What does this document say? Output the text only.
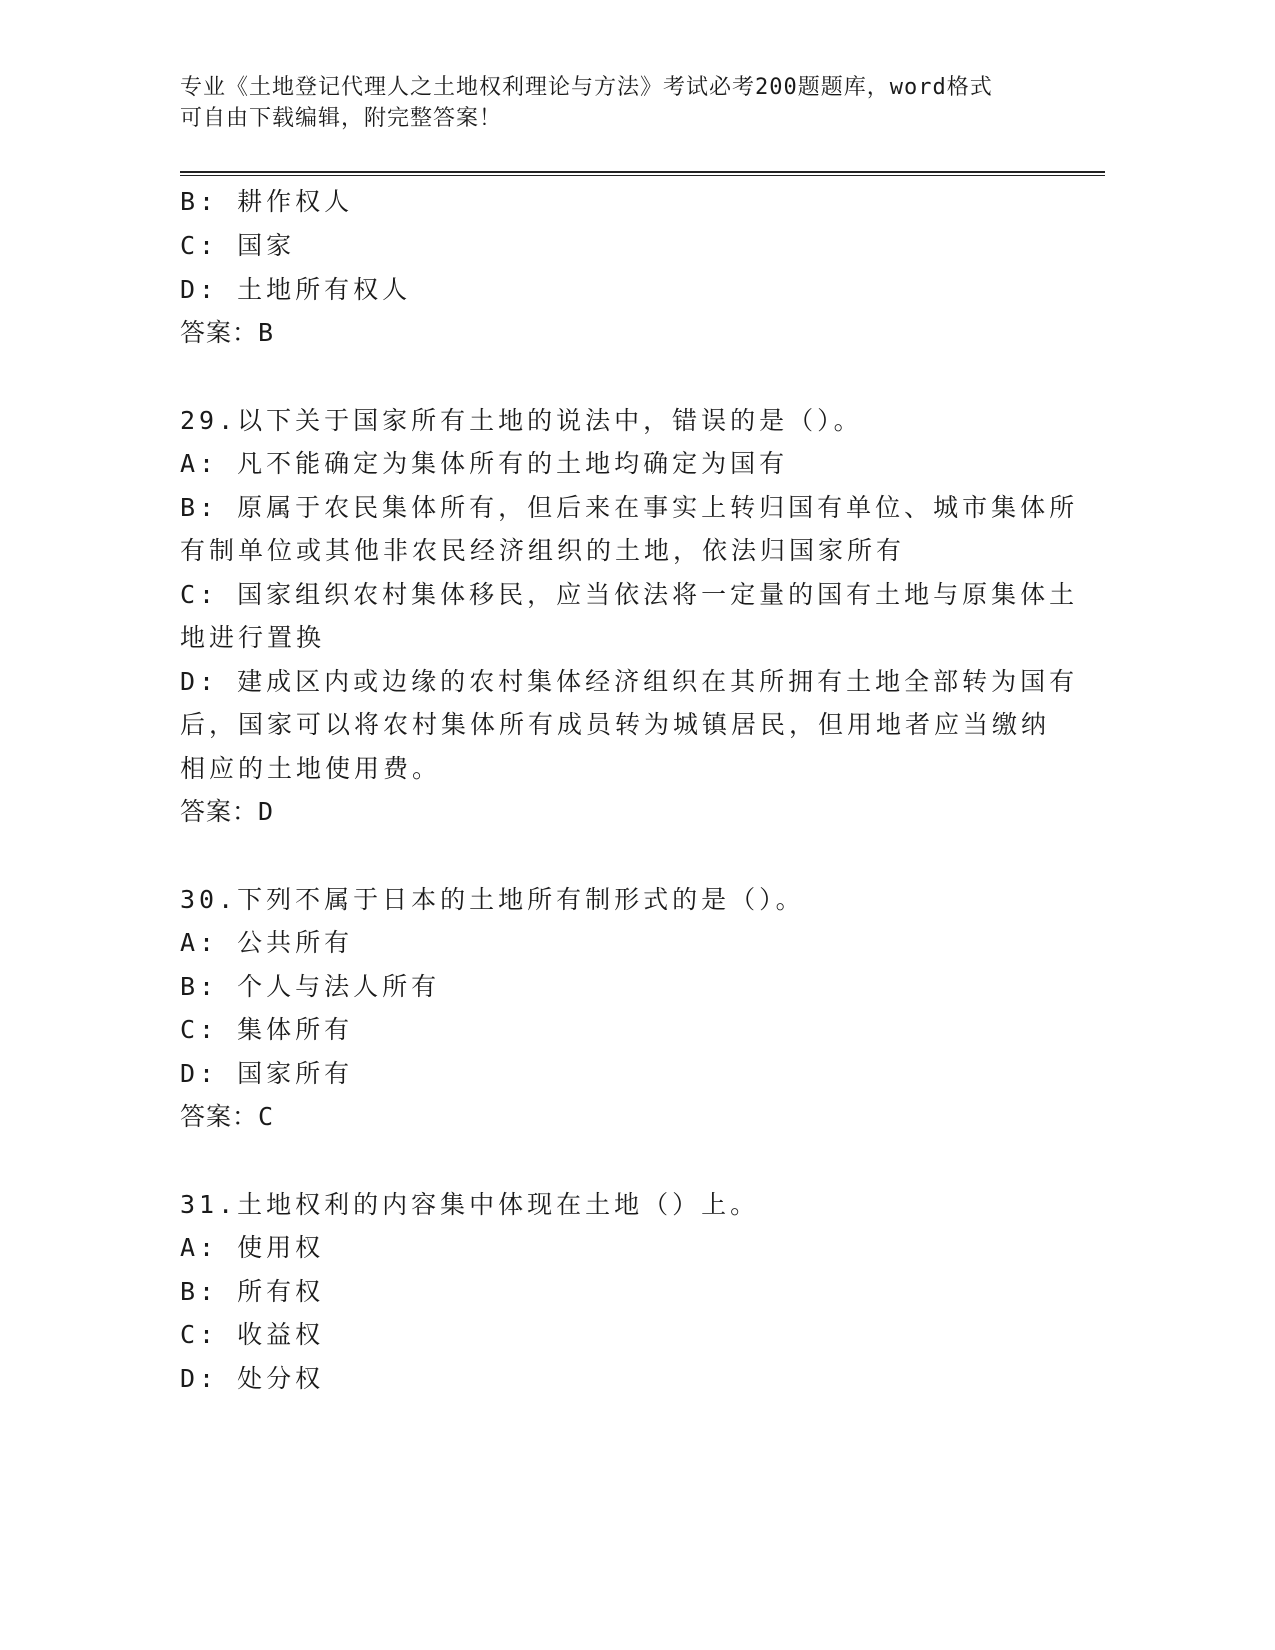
专业《土地登记代理人之土地权利理论与方法》考试必考200题题库，word格式
可自由下载编辑，附完整答案！
B: 耕作权人
C: 国家
D: 土地所有权人
答案：B
29.以下关于国家所有土地的说法中，错误的是（）。
A: 凡不能确定为集体所有的土地均确定为国有
B: 原属于农民集体所有，但后来在事实上转归国有单位、城市集体所
有制单位或其他非农民经济组织的土地，依法归国家所有
C: 国家组织农村集体移民，应当依法将一定量的国有土地与原集体土
地进行置换
D: 建成区内或边缘的农村集体经济组织在其所拥有土地全部转为国有
后，国家可以将农村集体所有成员转为城镇居民，但用地者应当缴纳
相应的土地使用费。
答案：D
30.下列不属于日本的土地所有制形式的是（）。
A: 公共所有
B: 个人与法人所有
C: 集体所有
D: 国家所有
答案：C
31.土地权利的内容集中体现在土地（）上。
A: 使用权
B: 所有权
C: 收益权
D: 处分权
